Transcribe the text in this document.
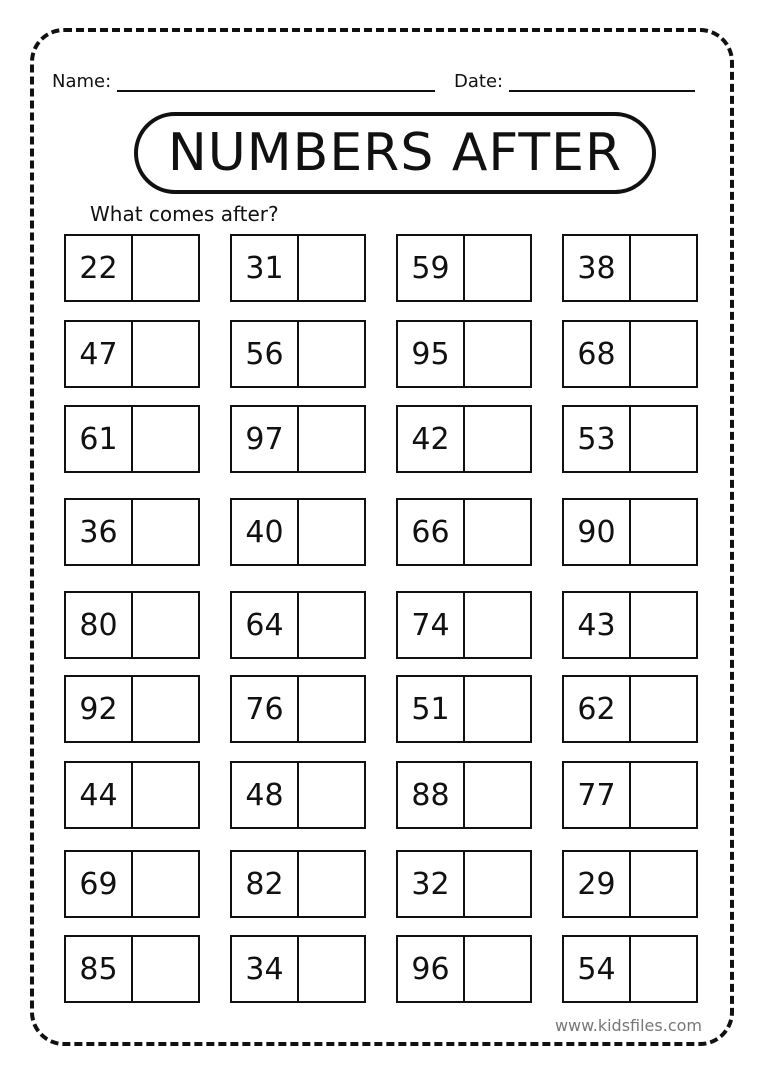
Name:	Date:
NUMBERS AFTER
What comes after?
22	31	59	38
47	56	95	68
61	97	42	53
36	40	66	90
80	64	74	43
92	76	51	62
44	48	88	77
69	82	32	29
85	34	96	54
www.kidsfiles.com
